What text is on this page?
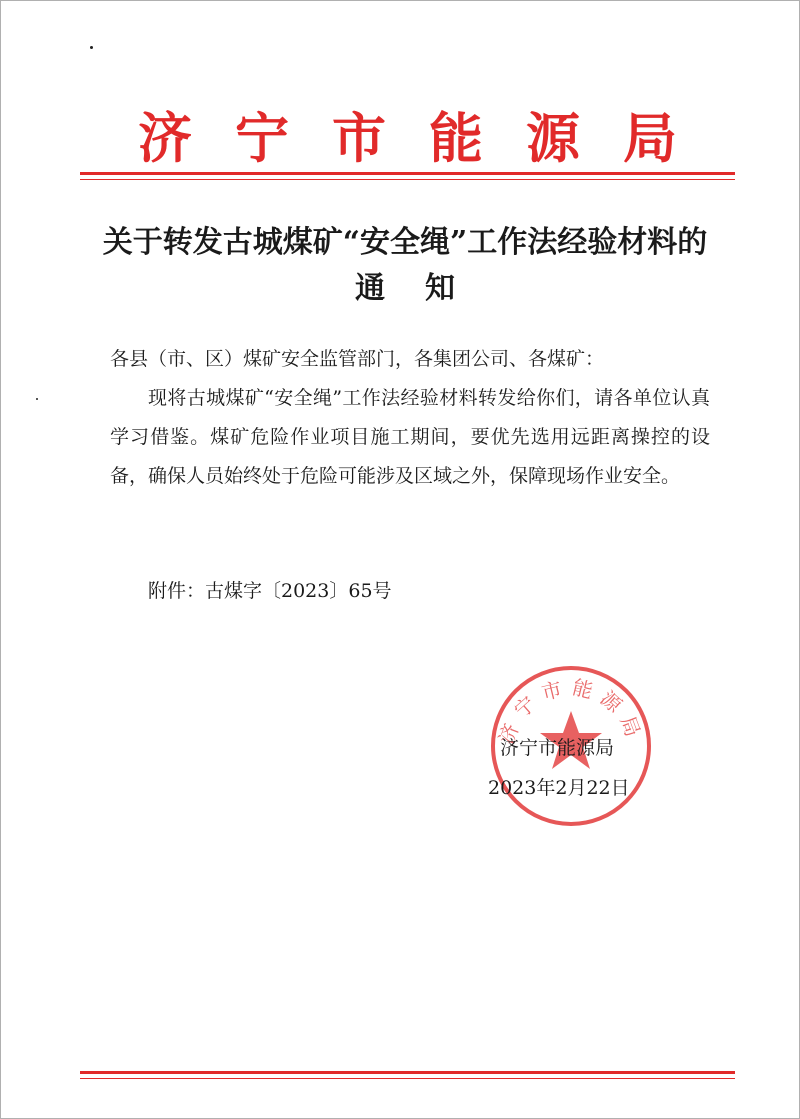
济 宁 市 能 源 局
关于转发古城煤矿“安全绳”工作法经验材料的
通知
各县（市、区）煤矿安全监管部门，各集团公司、各煤矿：
现将古城煤矿“安全绳”工作法经验材料转发给你们，请各单位认真学习借鉴。煤矿危险作业项目施工期间，要优先选用远距离操控的设备，确保人员始终处于危险可能涉及区域之外，保障现场作业安全。
附件：古煤字〔2023〕65号
济宁市能源局
济宁市能源局
2023年2月22日
